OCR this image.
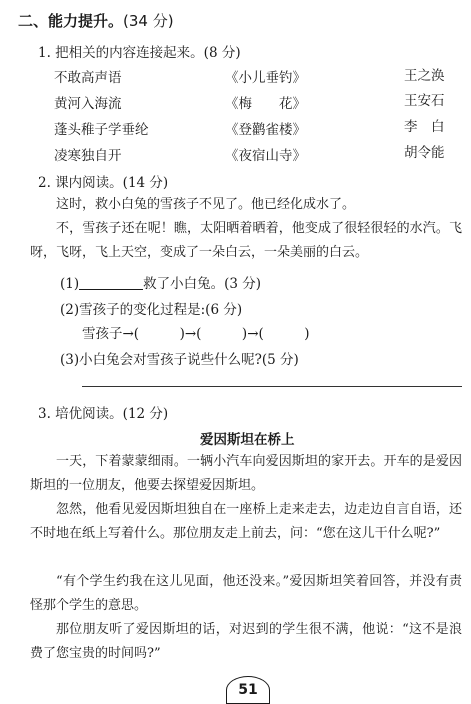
二、能力提升。(34 分)
1. 把相关的内容连接起来。(8 分)
不敢高声语	《小儿垂钓》	王之涣
黄河入海流	《梅　　花》	王安石
蓬头稚子学垂纶	《登鹳雀楼》	李　白
凌寒独自开	《夜宿山寺》	胡令能
2. 课内阅读。(14 分)
这时，救小白兔的雪孩子不见了。他已经化成水了。
不，雪孩子还在呢！瞧，太阳晒着晒着，他变成了很轻很轻的水汽。飞呀，飞呀，飞上天空，变成了一朵白云，一朵美丽的白云。
(1)	救了小白兔。(3 分)
(2)雪孩子的变化过程是:(6 分)
雪孩子→(　　　)→(　　　)→(　　　)
(3)小白兔会对雪孩子说些什么呢?(5 分)
3. 培优阅读。(12 分)
爱因斯坦在桥上
一天，下着蒙蒙细雨。一辆小汽车向爱因斯坦的家开去。开车的是爱因斯坦的一位朋友，他要去探望爱因斯坦。
忽然，他看见爱因斯坦独自在一座桥上走来走去，边走边自言自语，还不时地在纸上写着什么。那位朋友走上前去，问：“您在这儿干什么呢?”
“有个学生约我在这儿见面，他还没来。”爱因斯坦笑着回答，并没有责怪那个学生的意思。
那位朋友听了爱因斯坦的话，对迟到的学生很不满，他说：“这不是浪费了您宝贵的时间吗?”
51
